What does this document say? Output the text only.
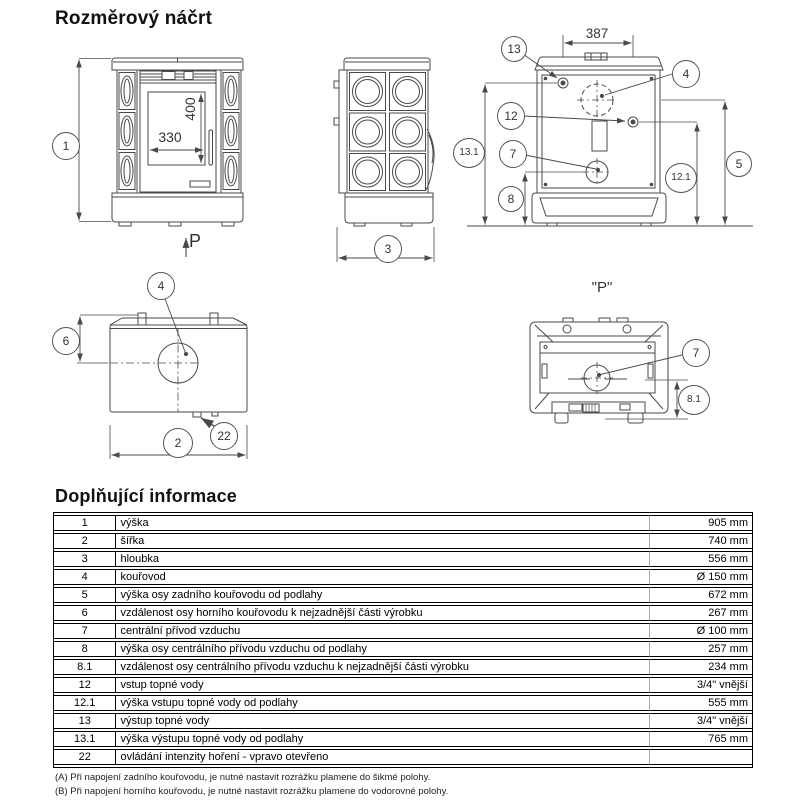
Rozměrový náčrt
1
3
13
4
12
13.1	7
8
12.1
5
4
6
2	22
7
8.1
330
400
387
P
"P"
Doplňující informace
1	výška	905 mm
2	šířka	740 mm
3	hloubka	556 mm
4	kouřovod	Ø 150 mm
5	výška osy zadního kouřovodu od podlahy	672 mm
6	vzdálenost osy horního kouřovodu k nejzadnější části výrobku	267 mm
7	centrální přívod vzduchu	Ø 100 mm
8	výška osy centrálního přívodu vzduchu od podlahy	257 mm
8.1	vzdálenost osy centrálního přívodu vzduchu k nejzadnější části výrobku	234 mm
12	vstup topné vody	3/4" vnější
12.1	výška vstupu topné vody od podlahy	555 mm
13	výstup topné vody	3/4" vnější
13.1	výška výstupu topné vody od podlahy	765 mm
22	ovládání intenzity hoření - vpravo otevřeno	

(A) Při napojení zadního kouřovodu, je nutné nastavit rozrážku plamene do šikmé polohy.

(B) Při napojení horního kouřovodu, je nutné nastavit rozrážku plamene do vodorovné polohy.
